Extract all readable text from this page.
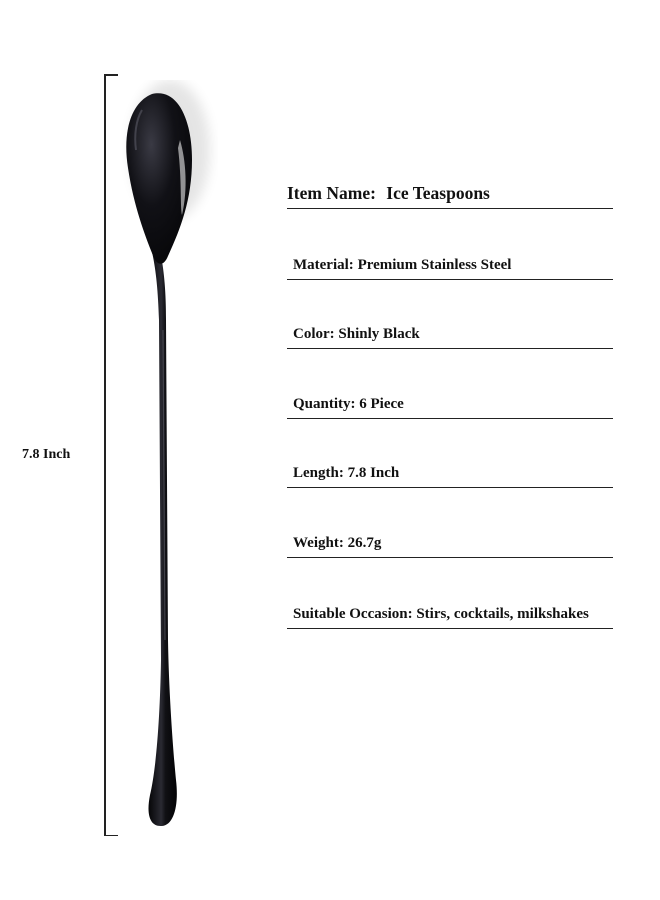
7.8 Inch
Item Name: Ice Teaspoons
Material: Premium Stainless Steel
Color: Shinly Black
Quantity: 6 Piece
Length: 7.8 Inch
Weight: 26.7g
Suitable Occasion: Stirs, cocktails, milkshakes
